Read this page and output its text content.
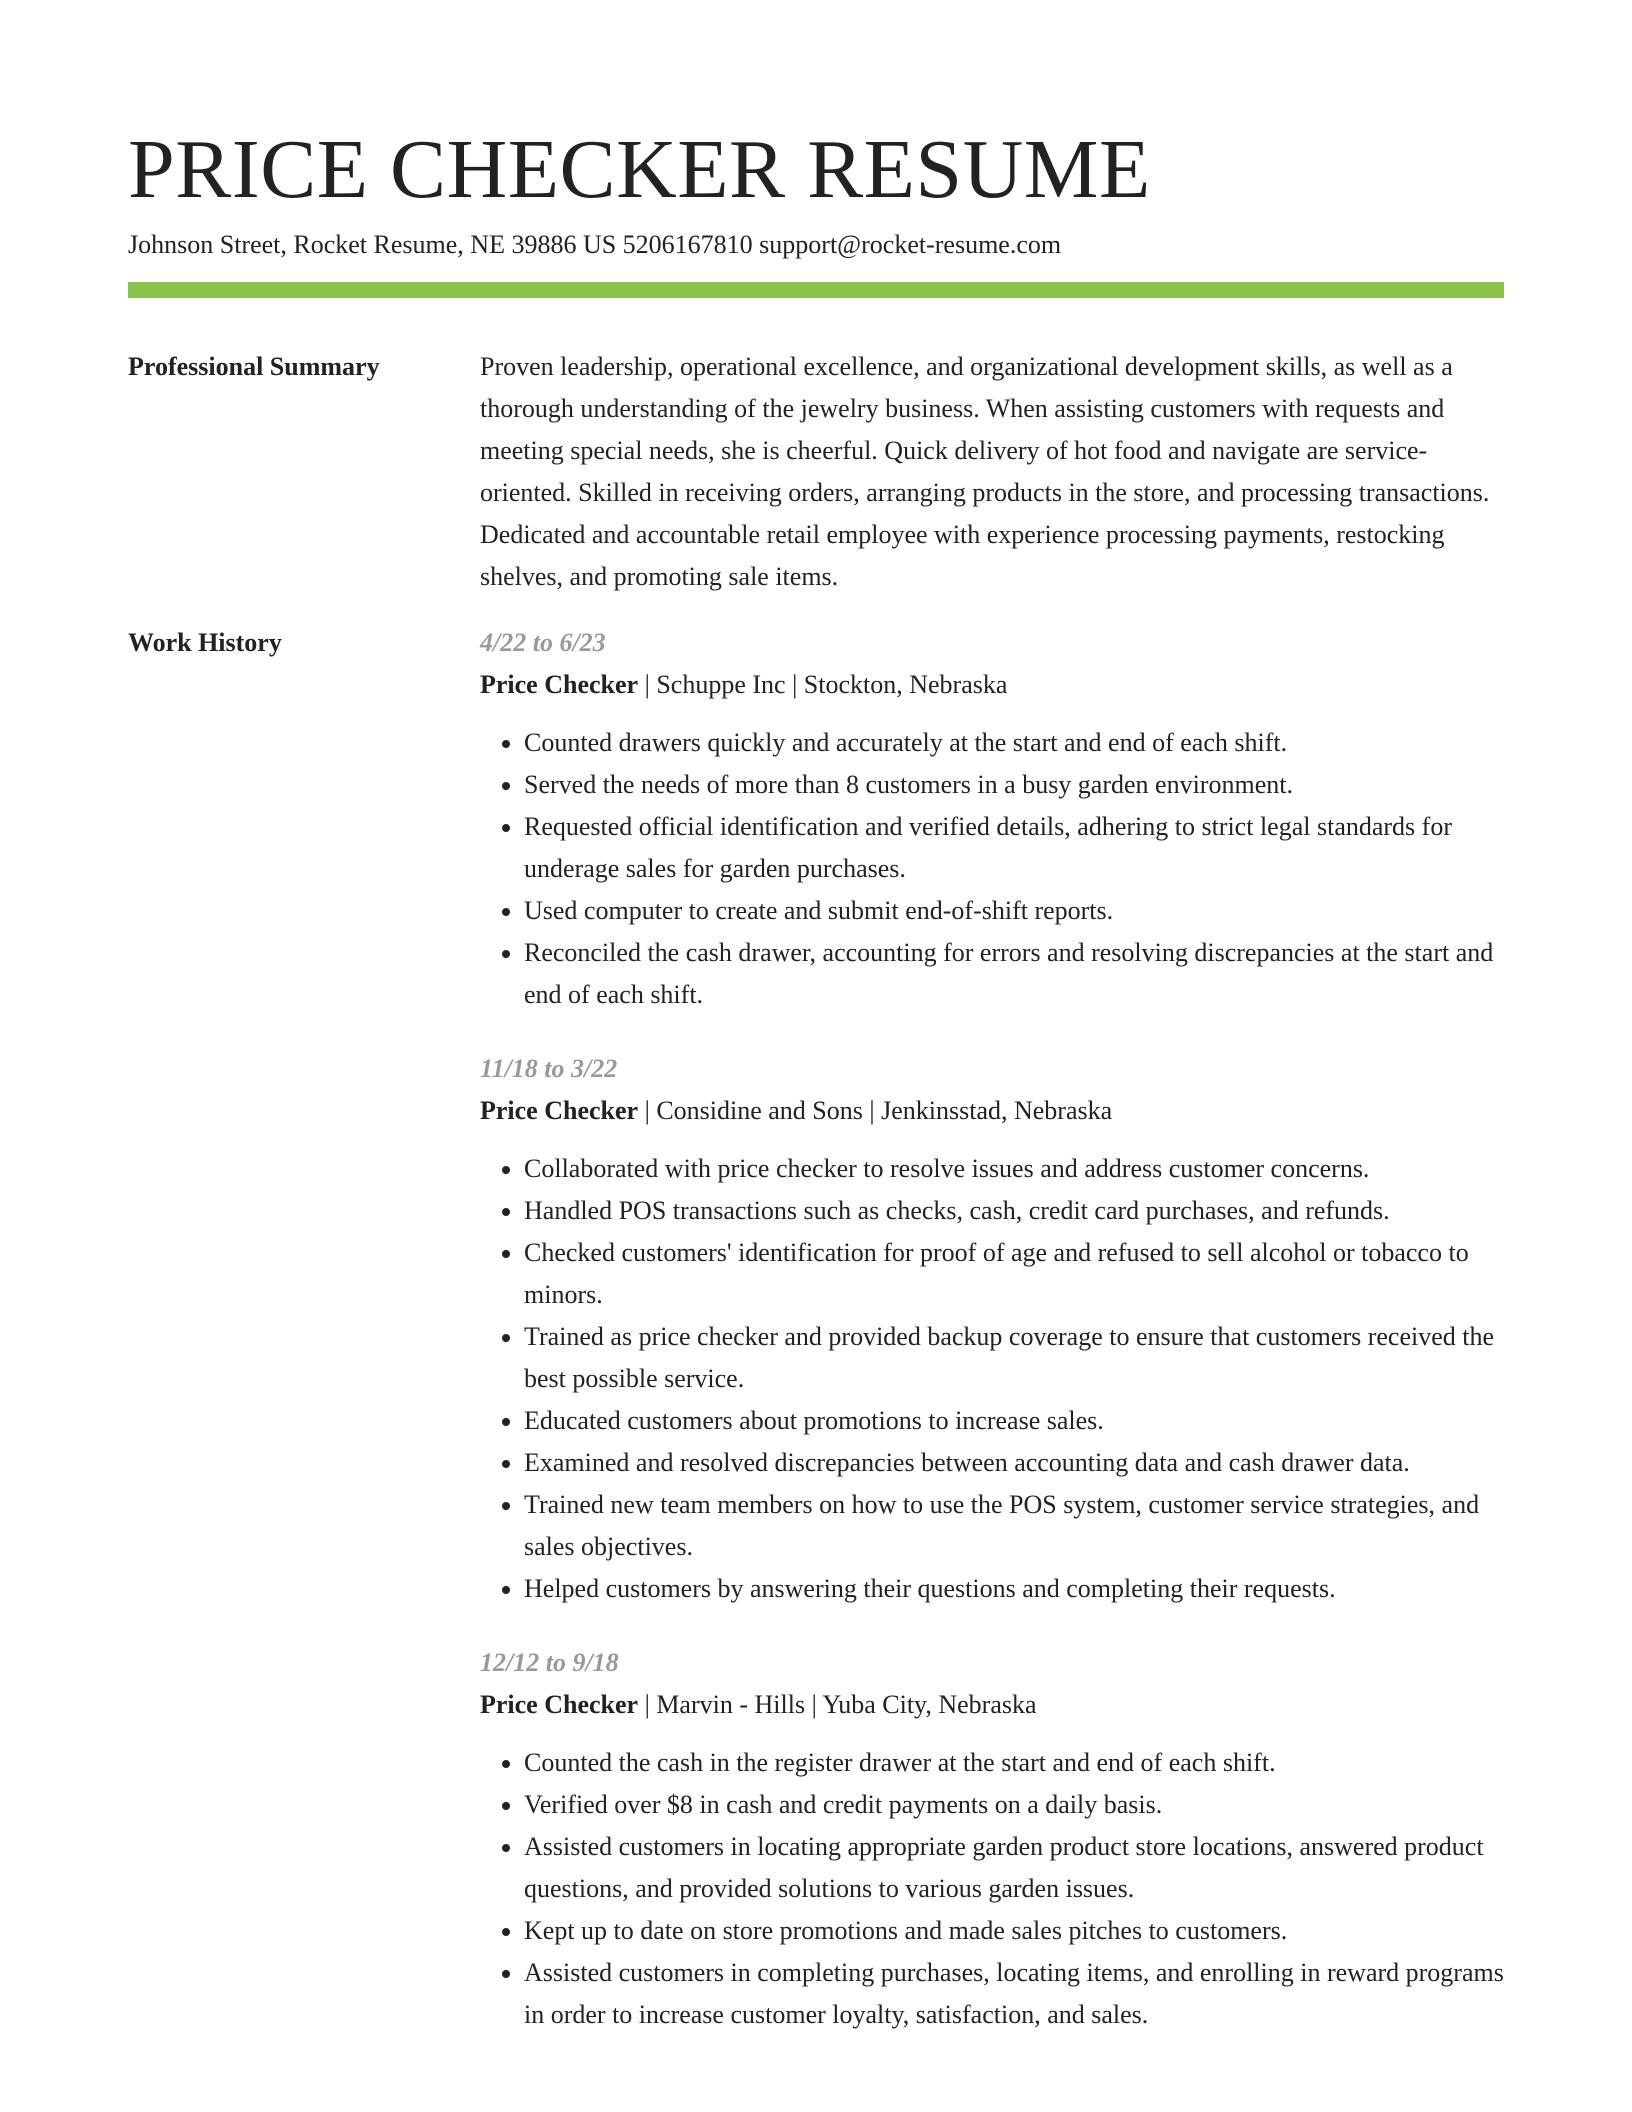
PRICE CHECKER RESUME
Johnson Street, Rocket Resume, NE 39886 US 5206167810 support@rocket-resume.com
Professional Summary	Proven leadership, operational excellence, and organizational development skills, as well as a thorough understanding of the jewelry business. When assisting customers with requests and meeting special needs, she is cheerful. Quick delivery of hot food and navigate are service-oriented. Skilled in receiving orders, arranging products in the store, and processing transactions. Dedicated and accountable retail employee with experience processing payments, restocking shelves, and promoting sale items.

Work History	4/22 to 6/23
Price Checker | Schuppe Inc | Stockton, Nebraska
• Counted drawers quickly and accurately at the start and end of each shift.
• Served the needs of more than 8 customers in a busy garden environment.
• Requested official identification and verified details, adhering to strict legal standards for underage sales for garden purchases.
• Used computer to create and submit end-of-shift reports.
• Reconciled the cash drawer, accounting for errors and resolving discrepancies at the start and end of each shift.
11/18 to 3/22
Price Checker | Considine and Sons | Jenkinsstad, Nebraska
• Collaborated with price checker to resolve issues and address customer concerns.
• Handled POS transactions such as checks, cash, credit card purchases, and refunds.
• Checked customers' identification for proof of age and refused to sell alcohol or tobacco to minors.
• Trained as price checker and provided backup coverage to ensure that customers received the best possible service.
• Educated customers about promotions to increase sales.
• Examined and resolved discrepancies between accounting data and cash drawer data.
• Trained new team members on how to use the POS system, customer service strategies, and sales objectives.
• Helped customers by answering their questions and completing their requests.
12/12 to 9/18
Price Checker | Marvin - Hills | Yuba City, Nebraska
• Counted the cash in the register drawer at the start and end of each shift.
• Verified over $8 in cash and credit payments on a daily basis.
• Assisted customers in locating appropriate garden product store locations, answered product questions, and provided solutions to various garden issues.
• Kept up to date on store promotions and made sales pitches to customers.
• Assisted customers in completing purchases, locating items, and enrolling in reward programs in order to increase customer loyalty, satisfaction, and sales.
